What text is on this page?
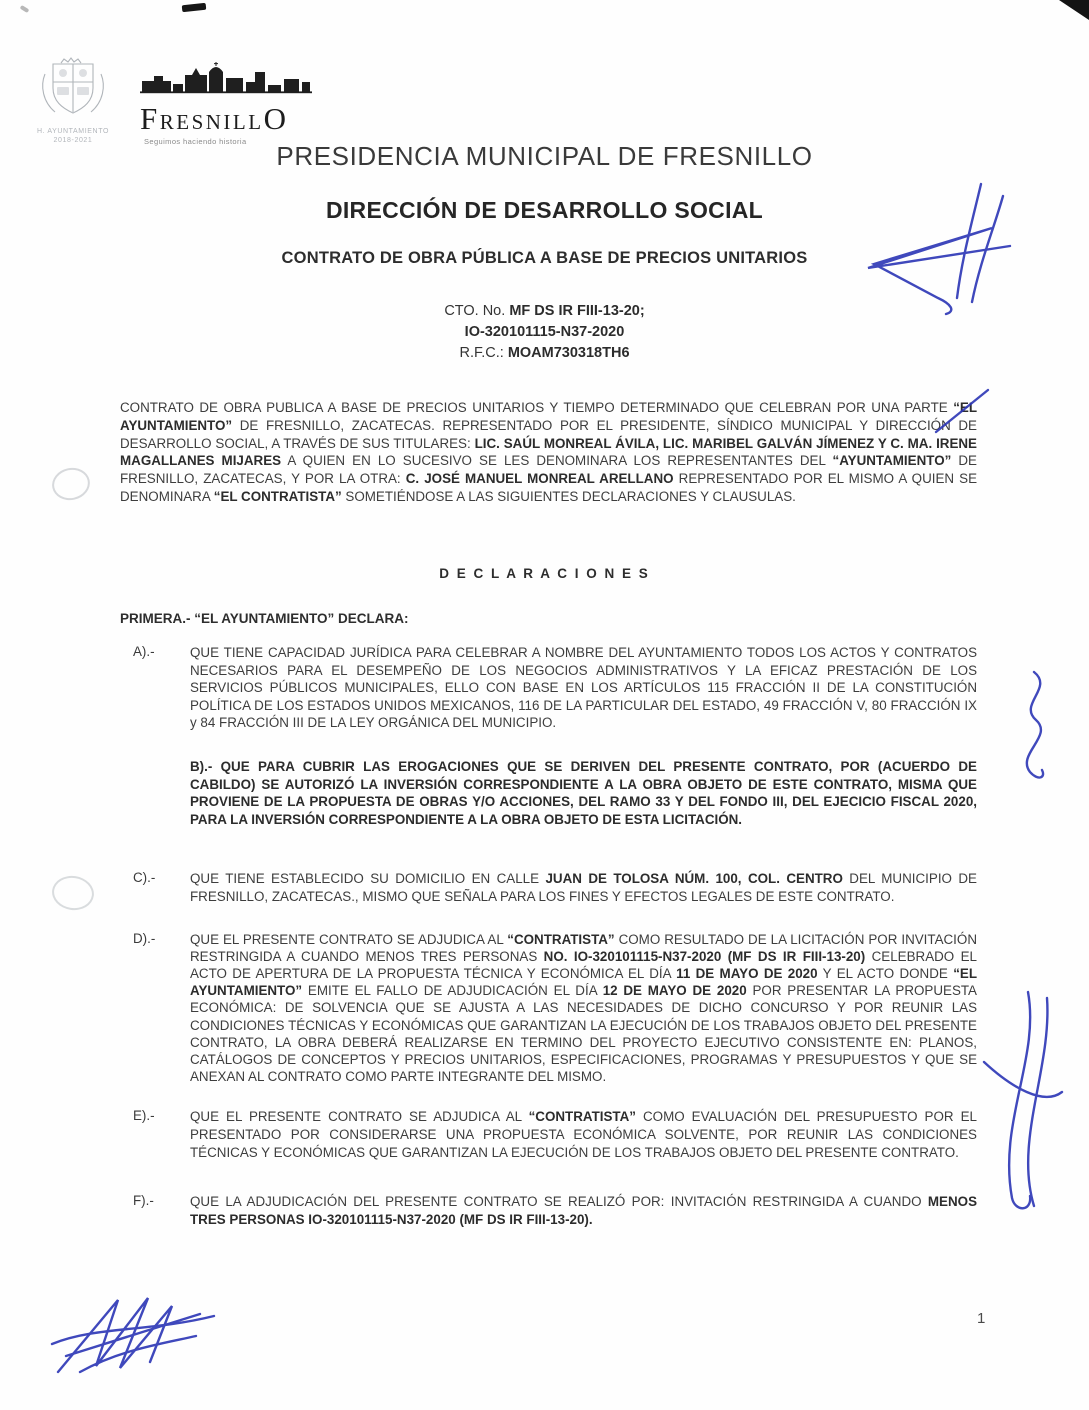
H. AYUNTAMIENTO
2018-2021
FRESNILLO
Seguimos haciendo historia	PRESIDENCIA MUNICIPAL DE FRESNILLO
DIRECCIÓN DE DESARROLLO SOCIAL
CONTRATO DE OBRA PÚBLICA A BASE DE PRECIOS UNITARIOS
CTO. No. MF DS IR FIII-13-20;
IO-320101115-N37-2020
R.F.C.: MOAM730318TH6

CONTRATO DE OBRA PUBLICA A BASE DE PRECIOS UNITARIOS Y TIEMPO DETERMINADO QUE CELEBRAN POR UNA PARTE “EL AYUNTAMIENTO” DE FRESNILLO, ZACATECAS. REPRESENTADO POR EL PRESIDENTE, SÍNDICO MUNICIPAL Y DIRECCIÓN DE DESARROLLO SOCIAL, A TRAVÉS DE SUS TITULARES: LIC. SAÚL MONREAL ÁVILA, LIC. MARIBEL GALVÁN JÍMENEZ Y C. MA. IRENE MAGALLANES MIJARES A QUIEN EN LO SUCESIVO SE LES DENOMINARA LOS REPRESENTANTES DEL “AYUNTAMIENTO” DE FRESNILLO, ZACATECAS, Y POR LA OTRA: C. JOSÉ MANUEL MONREAL ARELLANO REPRESENTADO POR EL MISMO A QUIEN SE DENOMINARA “EL CONTRATISTA” SOMETIÉNDOSE A LAS SIGUIENTES DECLARACIONES Y CLAUSULAS.

D E C L A R A C I O N E S
PRIMERA.- “EL AYUNTAMIENTO” DECLARA:
A).-	QUE TIENE CAPACIDAD JURÍDICA PARA CELEBRAR A NOMBRE DEL AYUNTAMIENTO TODOS LOS ACTOS Y CONTRATOS NECESARIOS PARA EL DESEMPEÑO DE LOS NEGOCIOS ADMINISTRATIVOS Y LA EFICAZ PRESTACIÓN DE LOS SERVICIOS PÚBLICOS MUNICIPALES, ELLO CON BASE EN LOS ARTÍCULOS 115 FRACCIÓN II DE LA CONSTITUCIÓN POLÍTICA DE LOS ESTADOS UNIDOS MEXICANOS, 116 DE LA PARTICULAR DEL ESTADO, 49 FRACCIÓN V, 80 FRACCIÓN IX y 84 FRACCIÓN III DE LA LEY ORGÁNICA DEL MUNICIPIO.

B).- QUE PARA CUBRIR LAS EROGACIONES QUE SE DERIVEN DEL PRESENTE CONTRATO, POR (ACUERDO DE CABILDO) SE AUTORIZÓ LA INVERSIÓN CORRESPONDIENTE A LA OBRA OBJETO DE ESTE CONTRATO, MISMA QUE PROVIENE DE LA PROPUESTA DE OBRAS Y/O ACCIONES, DEL RAMO 33 Y DEL FONDO III, DEL EJECICIO FISCAL 2020, PARA LA INVERSIÓN CORRESPONDIENTE A LA OBRA OBJETO DE ESTA LICITACIÓN.

C).-	QUE TIENE ESTABLECIDO SU DOMICILIO EN CALLE JUAN DE TOLOSA NÚM. 100, COL. CENTRO DEL MUNICIPIO DE FRESNILLO, ZACATECAS., MISMO QUE SEÑALA PARA LOS FINES Y EFECTOS LEGALES DE ESTE CONTRATO.

D).-	QUE EL PRESENTE CONTRATO SE ADJUDICA AL “CONTRATISTA” COMO RESULTADO DE LA LICITACIÓN POR INVITACIÓN RESTRINGIDA A CUANDO MENOS TRES PERSONAS NO. IO-320101115-N37-2020 (MF DS IR FIII-13-20) CELEBRADO EL ACTO DE APERTURA DE LA PROPUESTA TÉCNICA Y ECONÓMICA EL DÍA 11 DE MAYO DE 2020 Y EL ACTO DONDE “EL AYUNTAMIENTO” EMITE EL FALLO DE ADJUDICACIÓN EL DÍA 12 DE MAYO DE 2020 POR PRESENTAR LA PROPUESTA ECONÓMICA: DE SOLVENCIA QUE SE AJUSTA A LAS NECESIDADES DE DICHO CONCURSO Y POR REUNIR LAS CONDICIONES TÉCNICAS Y ECONÓMICAS QUE GARANTIZAN LA EJECUCIÓN DE LOS TRABAJOS OBJETO DEL PRESENTE CONTRATO, LA OBRA DEBERÁ REALIZARSE EN TERMINO DEL PROYECTO EJECUTIVO CONSISTENTE EN: PLANOS, CATÁLOGOS DE CONCEPTOS Y PRECIOS UNITARIOS, ESPECIFICACIONES, PROGRAMAS Y PRESUPUESTOS Y QUE SE ANEXAN AL CONTRATO COMO PARTE INTEGRANTE DEL MISMO.

E).-	QUE EL PRESENTE CONTRATO SE ADJUDICA AL “CONTRATISTA” COMO EVALUACIÓN DEL PRESUPUESTO POR EL PRESENTADO POR CONSIDERARSE UNA PROPUESTA ECONÓMICA SOLVENTE, POR REUNIR LAS CONDICIONES TÉCNICAS Y ECONÓMICAS QUE GARANTIZAN LA EJECUCIÓN DE LOS TRABAJOS OBJETO DEL PRESENTE CONTRATO.

F).-	QUE LA ADJUDICACIÓN DEL PRESENTE CONTRATO SE REALIZÓ POR: INVITACIÓN RESTRINGIDA A CUANDO MENOS TRES PERSONAS IO-320101115-N37-2020 (MF DS IR FIII-13-20).

1
